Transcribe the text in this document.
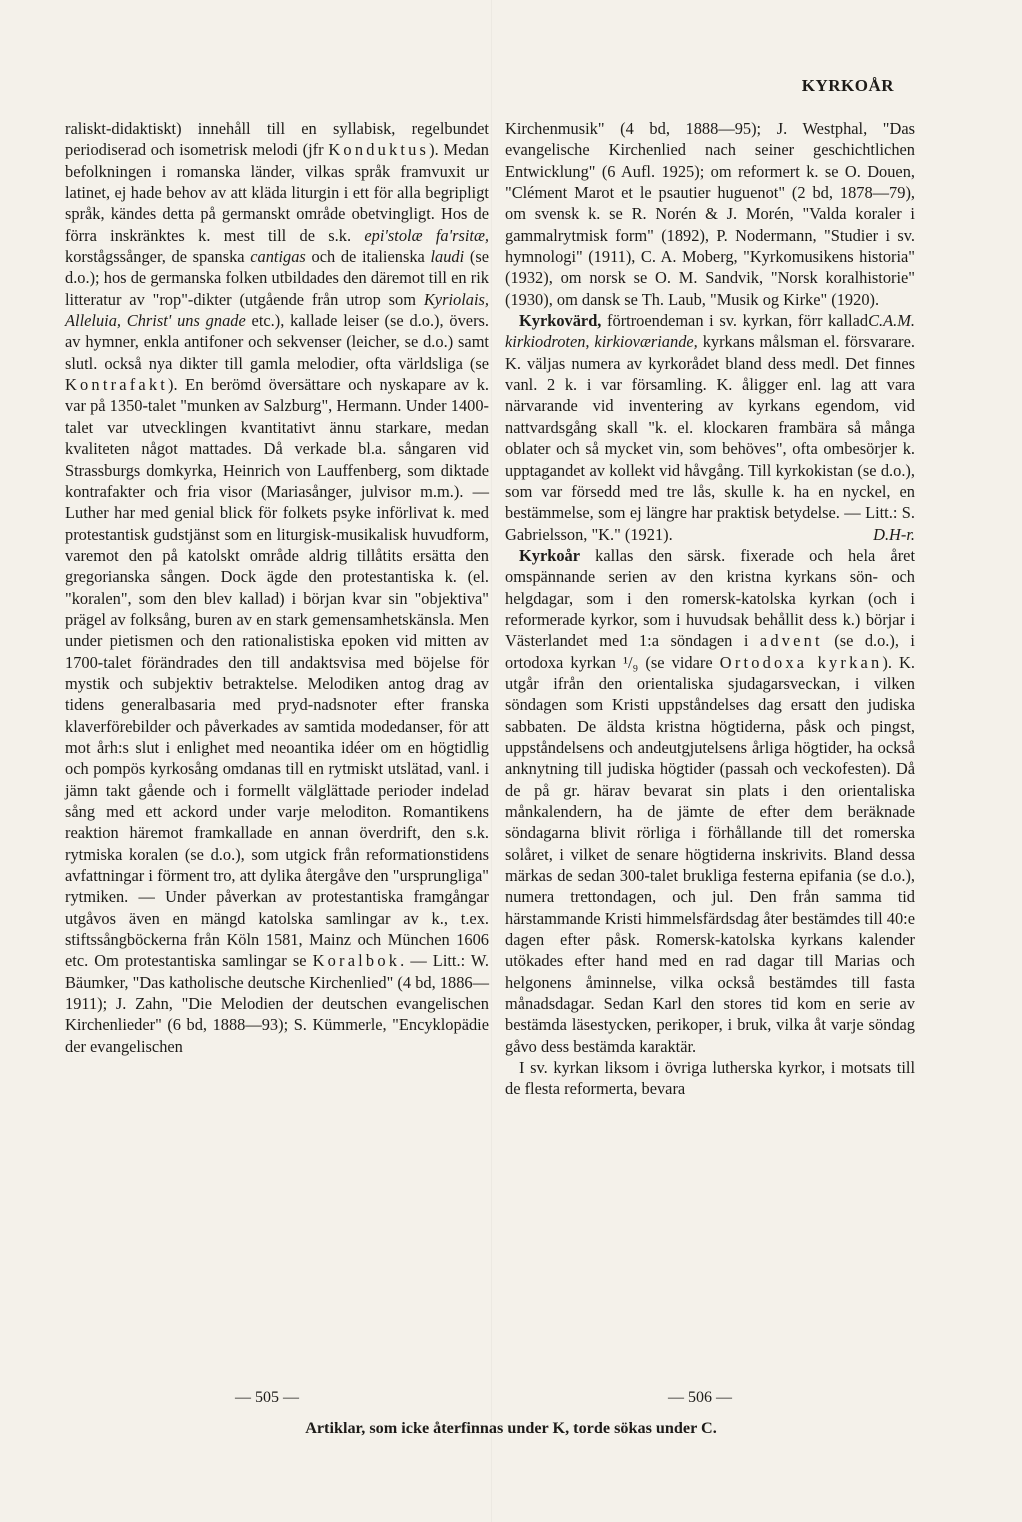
KYRKOÅR

raliskt-didaktiskt) innehåll till en syllabisk, regelbundet periodiserad och isometrisk melodi (jfr Konduktus). Medan befolkningen i romanska länder, vilkas språk framvuxit ur latinet, ej hade behov av att kläda liturgin i ett för alla begripligt språk, kändes detta på germanskt område obetvingligt. Hos de förra inskränktes k. mest till de s.k. epi'stolæ fa'rsitæ, korstågssånger, de spanska cantigas och de italienska laudi (se d.o.); hos de germanska folken utbildades den däremot till en rik litteratur av "rop"-dikter (utgående från utrop som Kyriolais, Alleluia, Christ' uns gnade etc.), kallade leiser (se d.o.), övers. av hymner, enkla antifoner och sekvenser (leicher, se d.o.) samt slutl. också nya dikter till gamla melodier, ofta världsliga (se Kontrafakt). En berömd översättare och nyskapare av k. var på 1350-talet "munken av Salzburg", Hermann. Under 1400-talet var utvecklingen kvantitativt ännu starkare, medan kvaliteten något mattades. Då verkade bl.a. sångaren vid Strassburgs domkyrka, Heinrich von Lauffenberg, som diktade kontrafakter och fria visor (Mariasånger, julvisor m.m.). — Luther har med genial blick för folkets psyke införlivat k. med protestantisk gudstjänst som en liturgisk-musikalisk huvudform, varemot den på katolskt område aldrig tillåtits ersätta den gregorianska sången. Dock ägde den protestantiska k. (el. "koralen", som den blev kallad) i början kvar sin "objektiva" prägel av folksång, buren av en stark gemensamhetskänsla. Men under pietismen och den rationalistiska epoken vid mitten av 1700-talet förändrades den till andaktsvisa med böjelse för mystik och subjektiv betraktelse. Melodiken antog drag av tidens generalbasaria med pryd-nadsnoter efter franska klaverförebilder och påverkades av samtida modedanser, för att mot årh:s slut i enlighet med neoantika idéer om en högtidlig och pompös kyrkosång omdanas till en rytmiskt utslätad, vanl. i jämn takt gående och i formellt välglättade perioder indelad sång med ett ackord under varje meloditon. Romantikens reaktion häremot framkallade en annan överdrift, den s.k. rytmiska koralen (se d.o.), som utgick från reformationstidens avfattningar i förment tro, att dylika återgåve den "ursprungliga" rytmiken. — Under påverkan av protestantiska framgångar utgåvos även en mängd katolska samlingar av k., t.ex. stiftssångböckerna från Köln 1581, Mainz och München 1606 etc. Om protestantiska samlingar se Koralbok. — Litt.: W. Bäumker, "Das katholische deutsche Kirchenlied" (4 bd, 1886—1911); J. Zahn, "Die Melodien der deutschen evangelischen Kirchenlieder" (6 bd, 1888—93); S. Kümmerle, "Encyklopädie der evangelischen

Kirchenmusik" (4 bd, 1888—95); J. Westphal, "Das evangelische Kirchenlied nach seiner geschichtlichen Entwicklung" (6 Aufl. 1925); om reformert k. se O. Douen, "Clément Marot et le psautier huguenot" (2 bd, 1878—79), om svensk k. se R. Norén & J. Morén, "Valda koraler i gammalrytmisk form" (1892), P. Nodermann, "Studier i sv. hymnologi" (1911), C. A. Moberg, "Kyrkomusikens historia" (1932), om norsk se O. M. Sandvik, "Norsk koralhistorie" (1930), om dansk se Th. Laub, "Musik og Kirke" (1920).
C.A.M.

Kyrkovärd, förtroendeman i sv. kyrkan, förr kallad kirkiodroten, kirkioværiande, kyrkans målsman el. försvarare. K. väljas numera av kyrkorådet bland dess medl. Det finnes vanl. 2 k. i var församling. K. åligger enl. lag att vara närvarande vid inventering av kyrkans egendom, vid nattvardsgång skall "k. el. klockaren frambära så många oblater och så mycket vin, som behöves", ofta ombesörjer k. upptagandet av kollekt vid håvgång. Till kyrkokistan (se d.o.), som var försedd med tre lås, skulle k. ha en nyckel, en bestämmelse, som ej längre har praktisk betydelse. — Litt.: S. Gabrielsson, "K." (1921).	D.H-r.

Kyrkoår kallas den särsk. fixerade och hela året omspännande serien av den kristna kyrkans sön- och helgdagar, som i den romersk-katolska kyrkan (och i reformerade kyrkor, som i huvudsak behållit dess k.) börjar i Västerlandet med 1:a söndagen i advent (se d.o.), i ortodoxa kyrkan ¹/₉ (se vidare Ortodoxa kyrkan). K. utgår ifrån den orientaliska sjudagarsveckan, i vilken söndagen som Kristi uppståndelses dag ersatt den judiska sabbaten. De äldsta kristna högtiderna, påsk och pingst, uppståndelsens och andeutgjutelsens årliga högtider, ha också anknytning till judiska högtider (passah och veckofesten). Då de på gr. härav bevarat sin plats i den orientaliska månkalendern, ha de jämte de efter dem beräknade söndagarna blivit rörliga i förhållande till det romerska solåret, i vilket de senare högtiderna inskrivits. Bland dessa märkas de sedan 300-talet brukliga festerna epifania (se d.o.), numera trettondagen, och jul. Den från samma tid härstammande Kristi himmelsfärdsdag åter bestämdes till 40:e dagen efter påsk. Romersk-katolska kyrkans kalender utökades efter hand med en rad dagar till Marias och helgonens åminnelse, vilka också bestämdes till fasta månadsdagar. Sedan Karl den stores tid kom en serie av bestämda läsestycken, perikoper, i bruk, vilka åt varje söndag gåvo dess bestämda karaktär.

I sv. kyrkan liksom i övriga lutherska kyrkor, i motsats till de flesta reformerta, bevara

— 505 —	— 506 —
Artiklar, som icke återfinnas under K, torde sökas under C.
